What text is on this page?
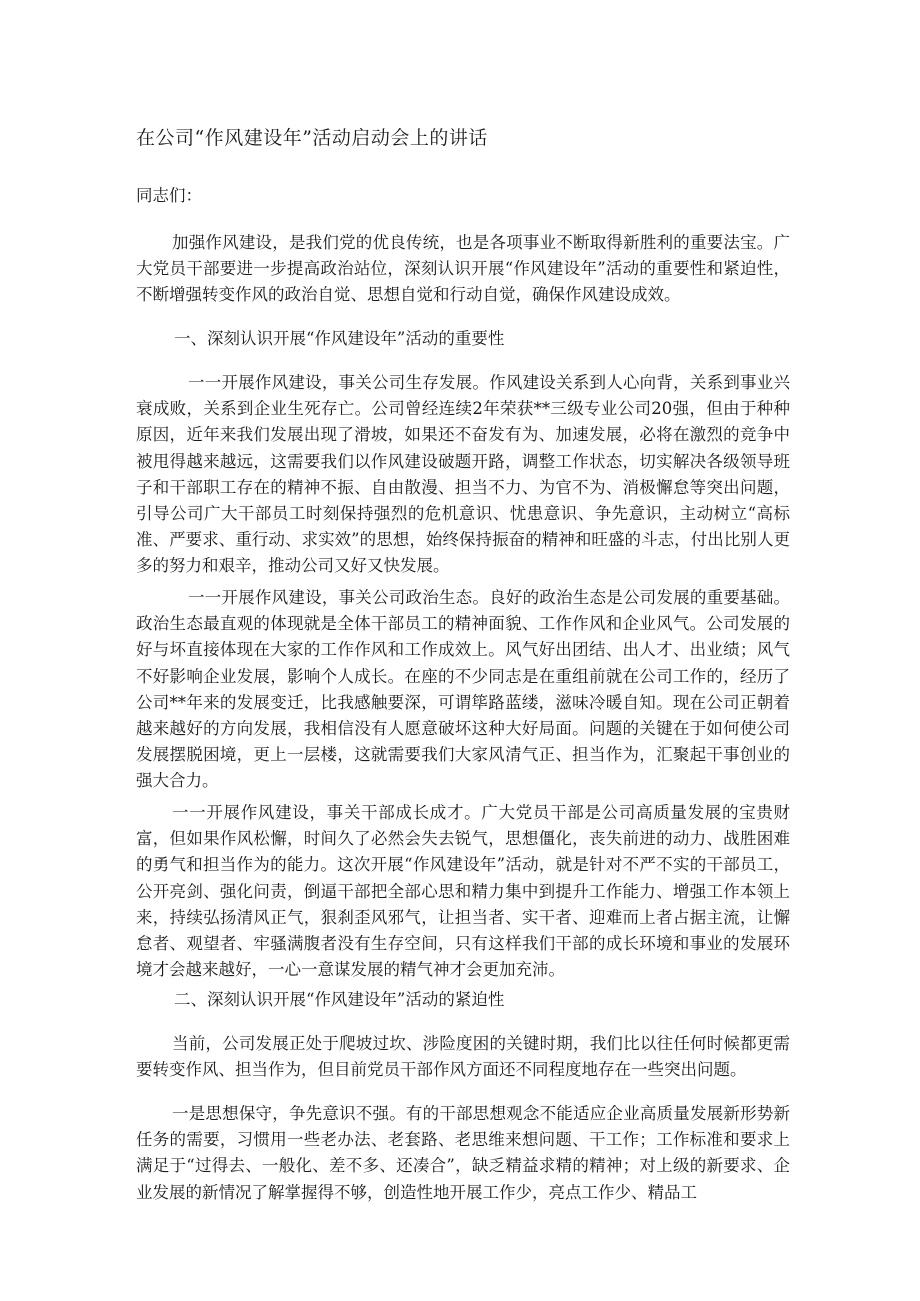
在公司“作风建设年”活动启动会上的讲话

同志们：

加强作风建设，是我们党的优良传统，也是各项事业不断取得新胜利的重要法宝。广大党员干部要进一步提高政治站位，深刻认识开展“作风建设年”活动的重要性和紧迫性，不断增强转变作风的政治自觉、思想自觉和行动自觉，确保作风建设成效。

一、深刻认识开展“作风建设年”活动的重要性

一一开展作风建设，事关公司生存发展。作风建设关系到人心向背，关系到事业兴衰成败，关系到企业生死存亡。公司曾经连续2年荣获**三级专业公司20强，但由于种种原因，近年来我们发展出现了滑坡，如果还不奋发有为、加速发展，必将在激烈的竞争中被甩得越来越远，这需要我们以作风建设破题开路，调整工作状态，切实解决各级领导班子和干部职工存在的精神不振、自由散漫、担当不力、为官不为、消极懈怠等突出问题，引导公司广大干部员工时刻保持强烈的危机意识、忧患意识、争先意识，主动树立“高标准、严要求、重行动、求实效”的思想，始终保持振奋的精神和旺盛的斗志，付出比别人更多的努力和艰辛，推动公司又好又快发展。

一一开展作风建设，事关公司政治生态。良好的政治生态是公司发展的重要基础。政治生态最直观的体现就是全体干部员工的精神面貌、工作作风和企业风气。公司发展的好与坏直接体现在大家的工作作风和工作成效上。风气好出团结、出人才、出业绩；风气不好影响企业发展，影响个人成长。在座的不少同志是在重组前就在公司工作的，经历了公司**年来的发展变迁，比我感触要深，可谓筚路蓝缕，滋味冷暖自知。现在公司正朝着越来越好的方向发展，我相信没有人愿意破坏这种大好局面。问题的关键在于如何使公司发展摆脱困境，更上一层楼，这就需要我们大家风清气正、担当作为，汇聚起干事创业的强大合力。

一一开展作风建设，事关干部成长成才。广大党员干部是公司高质量发展的宝贵财富，但如果作风松懈，时间久了必然会失去锐气，思想僵化，丧失前进的动力、战胜困难的勇气和担当作为的能力。这次开展“作风建设年”活动，就是针对不严不实的干部员工，公开亮剑、强化问责，倒逼干部把全部心思和精力集中到提升工作能力、增强工作本领上来，持续弘扬清风正气，狠刹歪风邪气，让担当者、实干者、迎难而上者占据主流，让懈怠者、观望者、牢骚满腹者没有生存空间，只有这样我们干部的成长环境和事业的发展环境才会越来越好，一心一意谋发展的精气神才会更加充沛。

二、深刻认识开展“作风建设年”活动的紧迫性

当前，公司发展正处于爬坡过坎、涉险度困的关键时期，我们比以往任何时候都更需要转变作风、担当作为，但目前党员干部作风方面还不同程度地存在一些突出问题。

一是思想保守，争先意识不强。有的干部思想观念不能适应企业高质量发展新形势新任务的需要，习惯用一些老办法、老套路、老思维来想问题、干工作；工作标准和要求上满足于“过得去、一般化、差不多、还凑合”，缺乏精益求精的精神；对上级的新要求、企业发展的新情况了解掌握得不够，创造性地开展工作少，亮点工作少、精品工
